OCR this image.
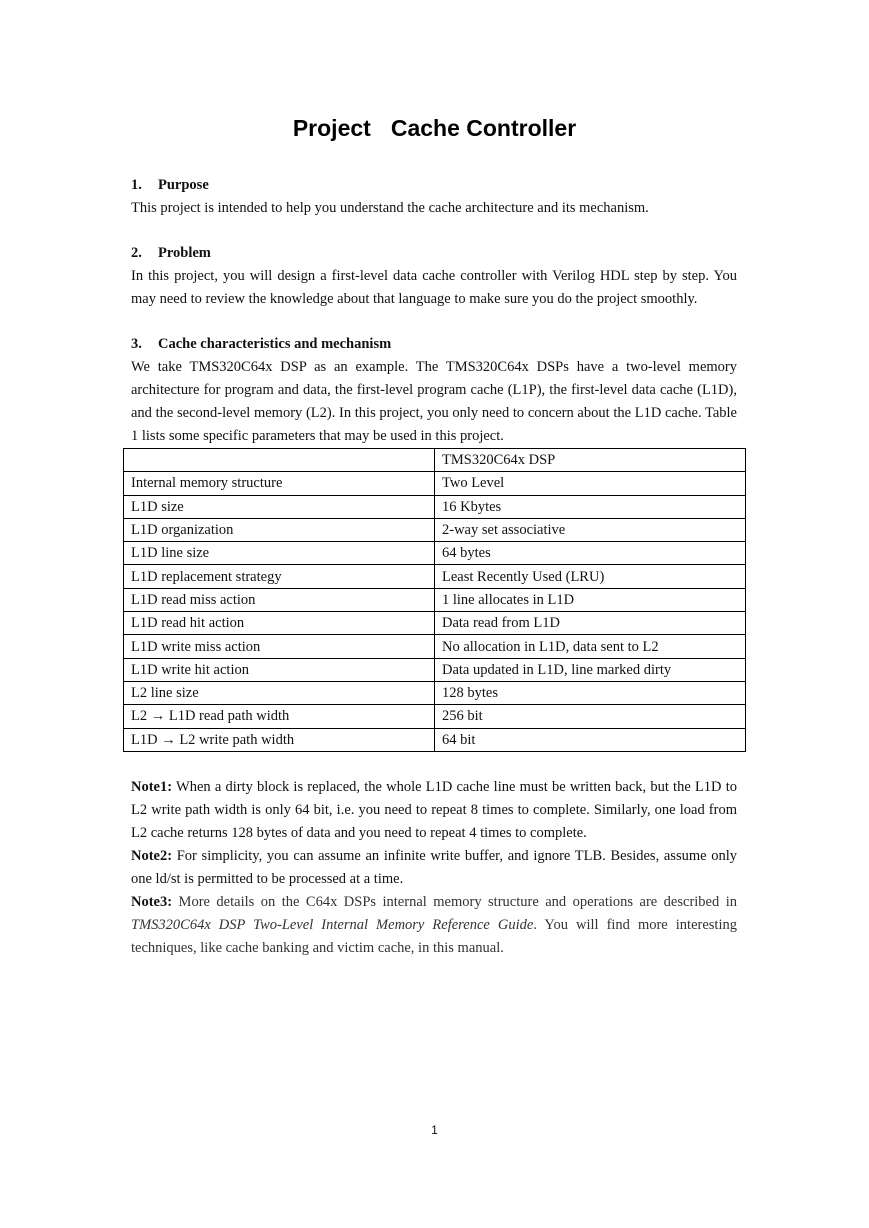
Project Cache Controller
1. Purpose

This project is intended to help you understand the cache architecture and its mechanism.

2. Problem

In this project, you will design a first-level data cache controller with Verilog HDL step by step. You may need to review the knowledge about that language to make sure you do the project smoothly.

3. Cache characteristics and mechanism

We take TMS320C64x DSP as an example. The TMS320C64x DSPs have a two-level memory architecture for program and data, the first-level program cache (L1P), the first-level data cache (L1D), and the second-level memory (L2). In this project, you only need to concern about the L1D cache. Table 1 lists some specific parameters that may be used in this project.

	TMS320C64x DSP
Internal memory structure	Two Level
L1D size	16 Kbytes
L1D organization	2-way set associative
L1D line size	64 bytes
L1D replacement strategy	Least Recently Used (LRU)
L1D read miss action	1 line allocates in L1D
L1D read hit action	Data read from L1D
L1D write miss action	No allocation in L1D, data sent to L2
L1D write hit action	Data updated in L1D, line marked dirty
L2 line size	128 bytes
L2 → L1D read path width	256 bit
L1D → L2 write path width	64 bit

Note1: When a dirty block is replaced, the whole L1D cache line must be written back, but the L1D to L2 write path width is only 64 bit, i.e. you need to repeat 8 times to complete. Similarly, one load from L2 cache returns 128 bytes of data and you need to repeat 4 times to complete.

Note2: For simplicity, you can assume an infinite write buffer, and ignore TLB. Besides, assume only one ld/st is permitted to be processed at a time.

Note3: More details on the C64x DSPs internal memory structure and operations are described in TMS320C64x DSP Two-Level Internal Memory Reference Guide. You will find more interesting techniques, like cache banking and victim cache, in this manual.

1
